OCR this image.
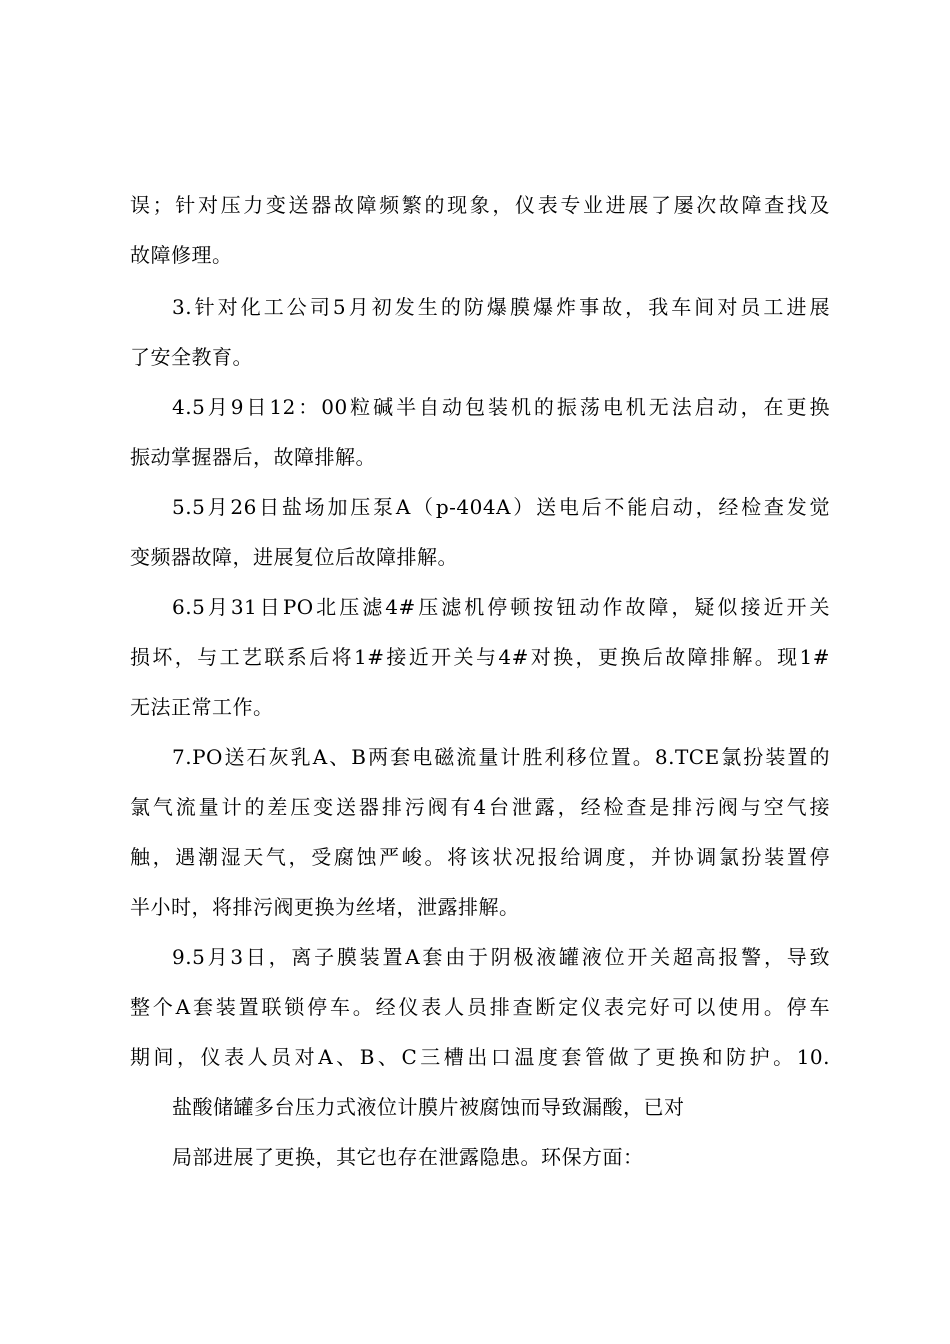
误；针对压力变送器故障频繁的现象，仪表专业进展了屡次故障查找及
故障修理。
3.针对化工公司5月初发生的防爆膜爆炸事故，我车间对员工进展
了安全教育。
4.5月9日12：00粒碱半自动包装机的振荡电机无法启动，在更换
振动掌握器后，故障排解。
5.5月26日盐场加压泵A（p-404A）送电后不能启动，经检查发觉
变频器故障，进展复位后故障排解。
6.5月31日PO北压滤4#压滤机停顿按钮动作故障，疑似接近开关
损坏，与工艺联系后将1#接近开关与4#对换，更换后故障排解。现1#
无法正常工作。
7.PO送石灰乳A、B两套电磁流量计胜利移位置。8.TCE氯扮装置的
氯气流量计的差压变送器排污阀有4台泄露，经检查是排污阀与空气接
触，遇潮湿天气，受腐蚀严峻。将该状况报给调度，并协调氯扮装置停
半小时，将排污阀更换为丝堵，泄露排解。
9.5月3日，离子膜装置A套由于阴极液罐液位开关超高报警，导致
整个A套装置联锁停车。经仪表人员排查断定仪表完好可以使用。停车
期间，仪表人员对A、B、C三槽出口温度套管做了更换和防护。10.
盐酸储罐多台压力式液位计膜片被腐蚀而导致漏酸，已对
局部进展了更换，其它也存在泄露隐患。环保方面：
